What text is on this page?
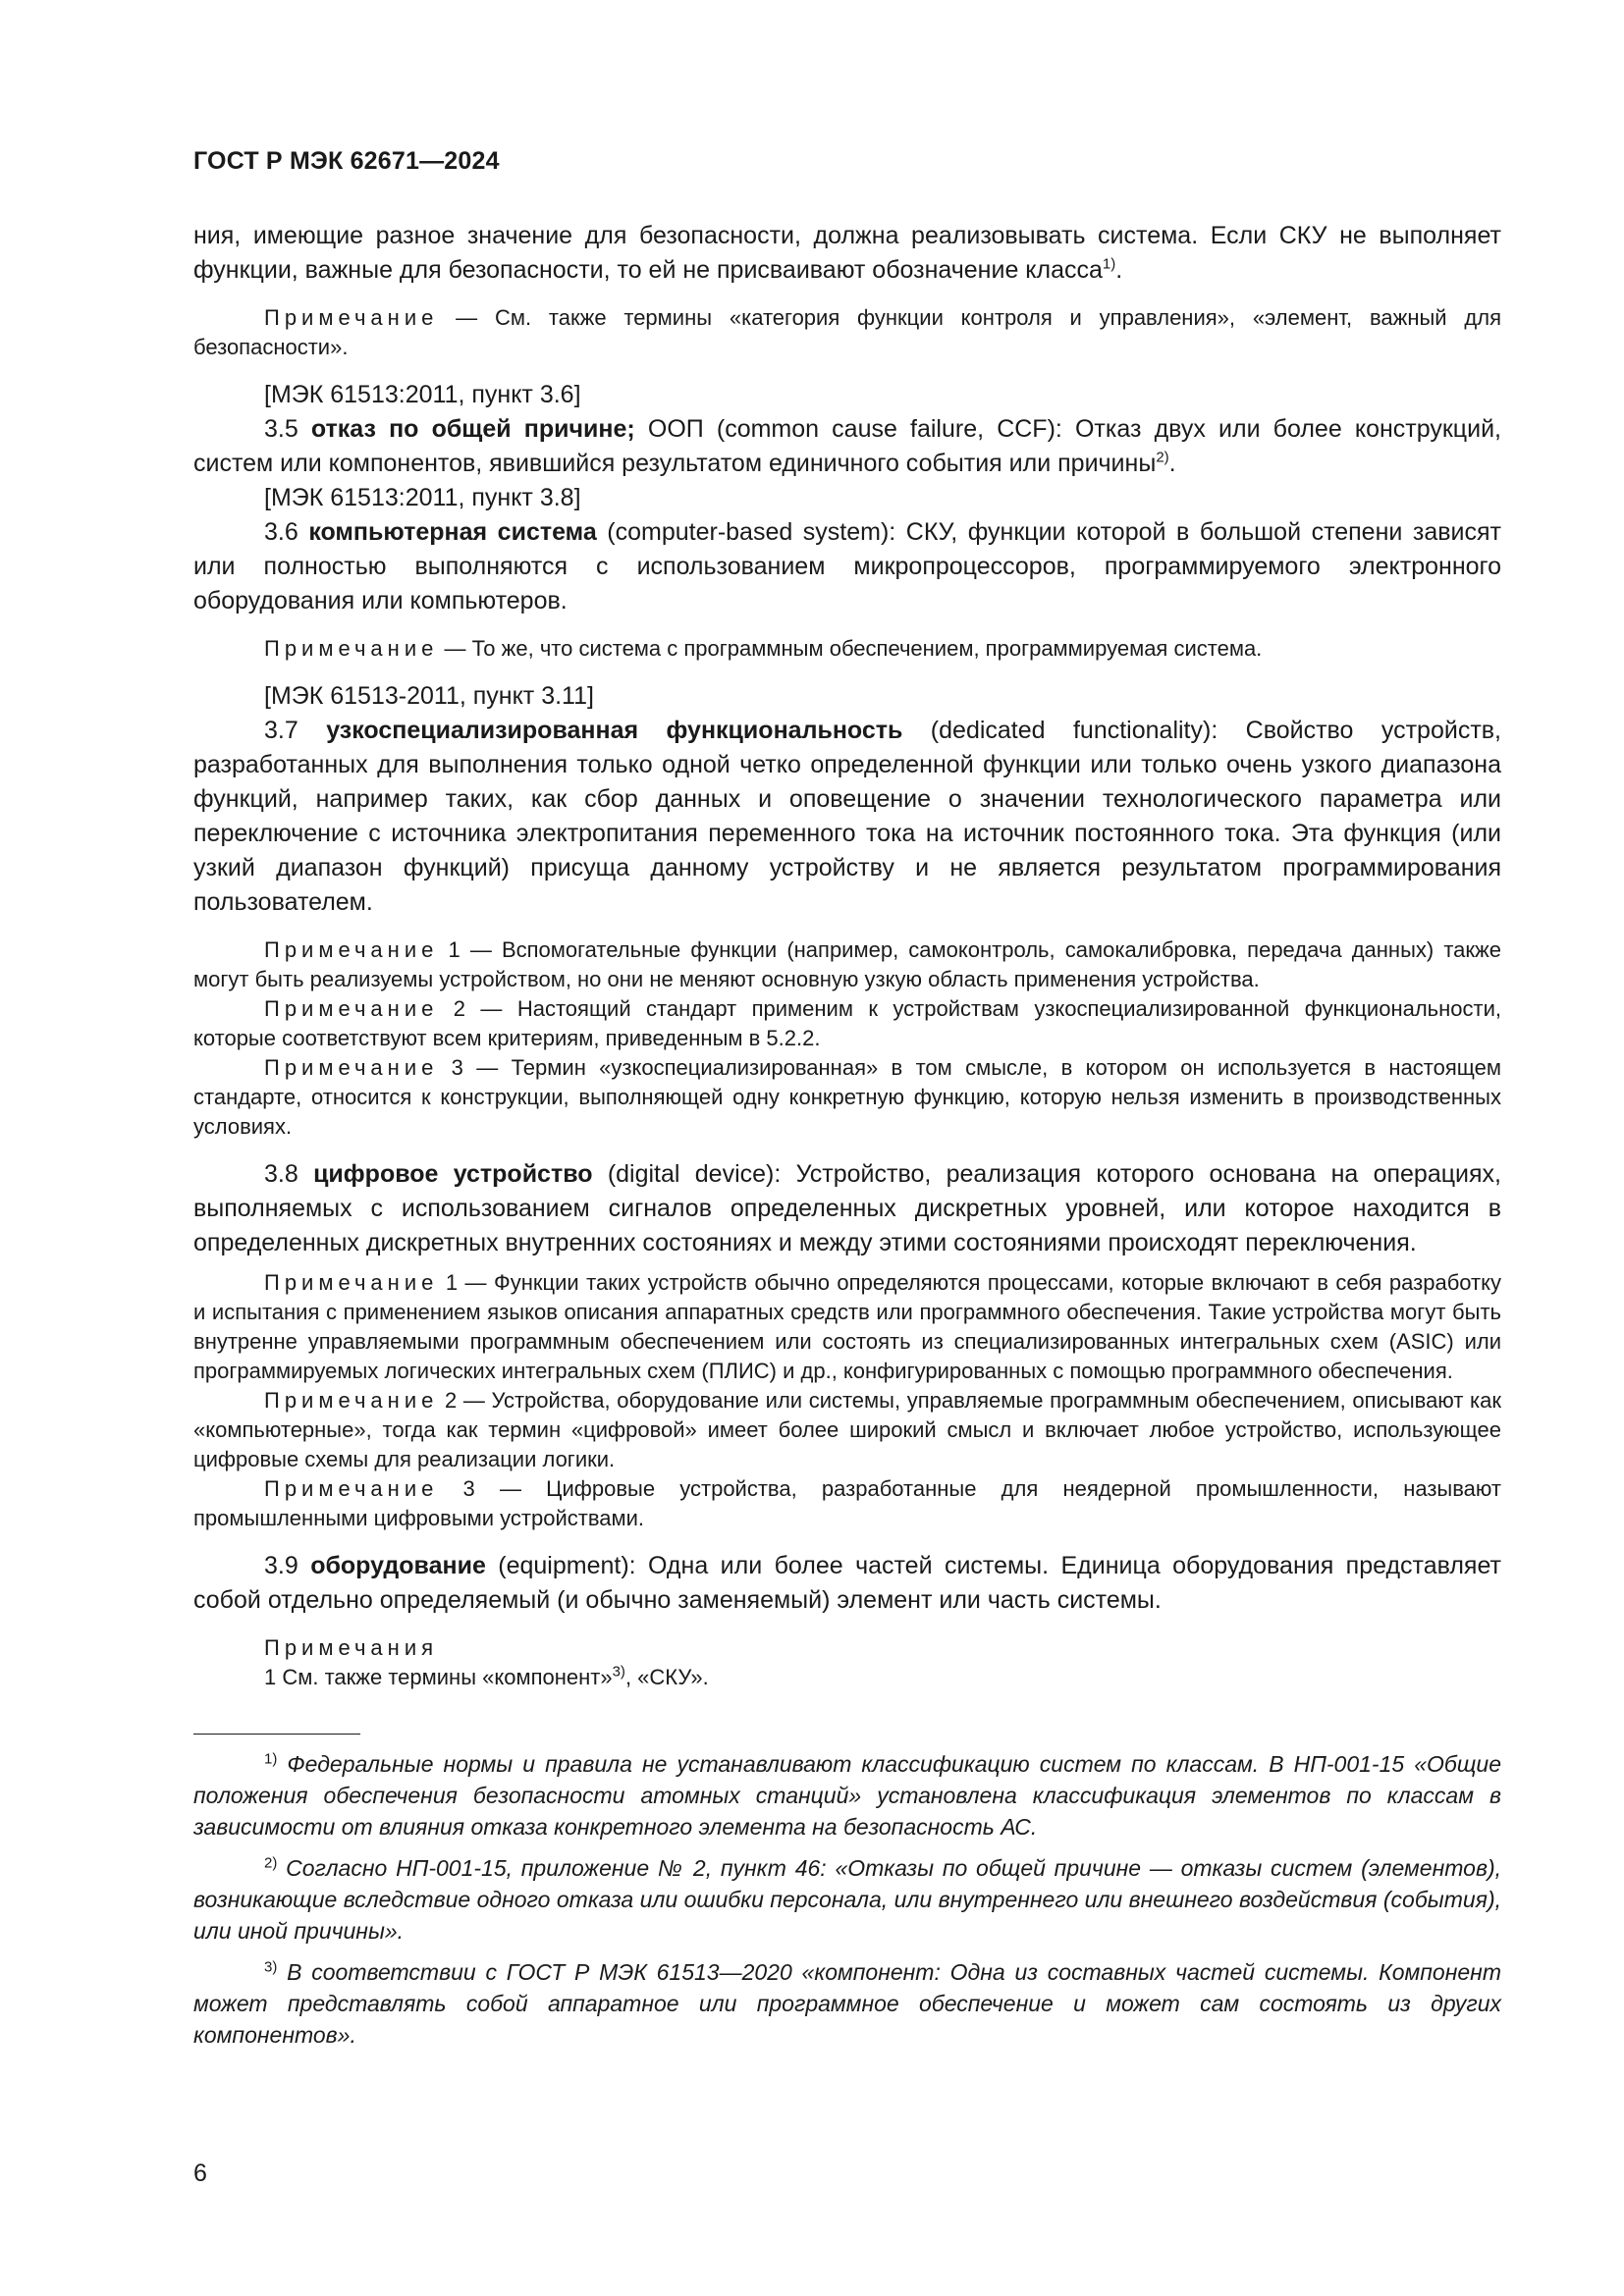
ГОСТ Р МЭК 62671—2024

ния, имеющие разное значение для безопасности, должна реализовывать система. Если СКУ не выполняет функции, важные для безопасности, то ей не присваивают обозначение класса$^{1)}$.

Примечание — См. также термины «категория функции контроля и управления», «элемент, важный для безопасности».

[МЭК 61513:2011, пункт 3.6]

3.5 отказ по общей причине; ООП (common cause failure, CCF): Отказ двух или более конструкций, систем или компонентов, явившийся результатом единичного события или причины$^{2)}$.

[МЭК 61513:2011, пункт 3.8]

3.6 компьютерная система (computer-based system): СКУ, функции которой в большой степени зависят или полностью выполняются с использованием микропроцессоров, программируемого электронного оборудования или компьютеров.

Примечание — То же, что система с программным обеспечением, программируемая система.

[МЭК 61513-2011, пункт 3.11]

3.7 узкоспециализированная функциональность (dedicated functionality): Свойство устройств, разработанных для выполнения только одной четко определенной функции или только очень узкого диапазона функций, например таких, как сбор данных и оповещение о значении технологического параметра или переключение с источника электропитания переменного тока на источник постоянного тока. Эта функция (или узкий диапазон функций) присуща данному устройству и не является результатом программирования пользователем.

Примечание 1 — Вспомогательные функции (например, самоконтроль, самокалибровка, передача данных) также могут быть реализуемы устройством, но они не меняют основную узкую область применения устройства.

Примечание 2 — Настоящий стандарт применим к устройствам узкоспециализированной функциональности, которые соответствуют всем критериям, приведенным в 5.2.2.

Примечание 3 — Термин «узкоспециализированная» в том смысле, в котором он используется в настоящем стандарте, относится к конструкции, выполняющей одну конкретную функцию, которую нельзя изменить в производственных условиях.

3.8 цифровое устройство (digital device): Устройство, реализация которого основана на операциях, выполняемых с использованием сигналов определенных дискретных уровней, или которое находится в определенных дискретных внутренних состояниях и между этими состояниями происходят переключения.

Примечание 1 — Функции таких устройств обычно определяются процессами, которые включают в себя разработку и испытания с применением языков описания аппаратных средств или программного обеспечения. Такие устройства могут быть внутренне управляемыми программным обеспечением или состоять из специализированных интегральных схем (ASIC) или программируемых логических интегральных схем (ПЛИС) и др., конфигурированных с помощью программного обеспечения.

Примечание 2 — Устройства, оборудование или системы, управляемые программным обеспечением, описывают как «компьютерные», тогда как термин «цифровой» имеет более широкий смысл и включает любое устройство, использующее цифровые схемы для реализации логики.

Примечание 3 — Цифровые устройства, разработанные для неядерной промышленности, называют промышленными цифровыми устройствами.

3.9 оборудование (equipment): Одна или более частей системы. Единица оборудования представляет собой отдельно определяемый (и обычно заменяемый) элемент или часть системы.

Примечания

1 См. также термины «компонент»$^{3)}$, «СКУ».

$^{1)}$ Федеральные нормы и правила не устанавливают классификацию систем по классам. В НП-001-15 «Общие положения обеспечения безопасности атомных станций» установлена классификация элементов по классам в зависимости от влияния отказа конкретного элемента на безопасность АС.

$^{2)}$ Согласно НП-001-15, приложение № 2, пункт 46: «Отказы по общей причине — отказы систем (элементов), возникающие вследствие одного отказа или ошибки персонала, или внутреннего или внешнего воздействия (события), или иной причины».

$^{3)}$ В соответствии с ГОСТ Р МЭК 61513—2020 «компонент: Одна из составных частей системы. Компонент может представлять собой аппаратное или программное обеспечение и может сам состоять из других компонентов».

6
